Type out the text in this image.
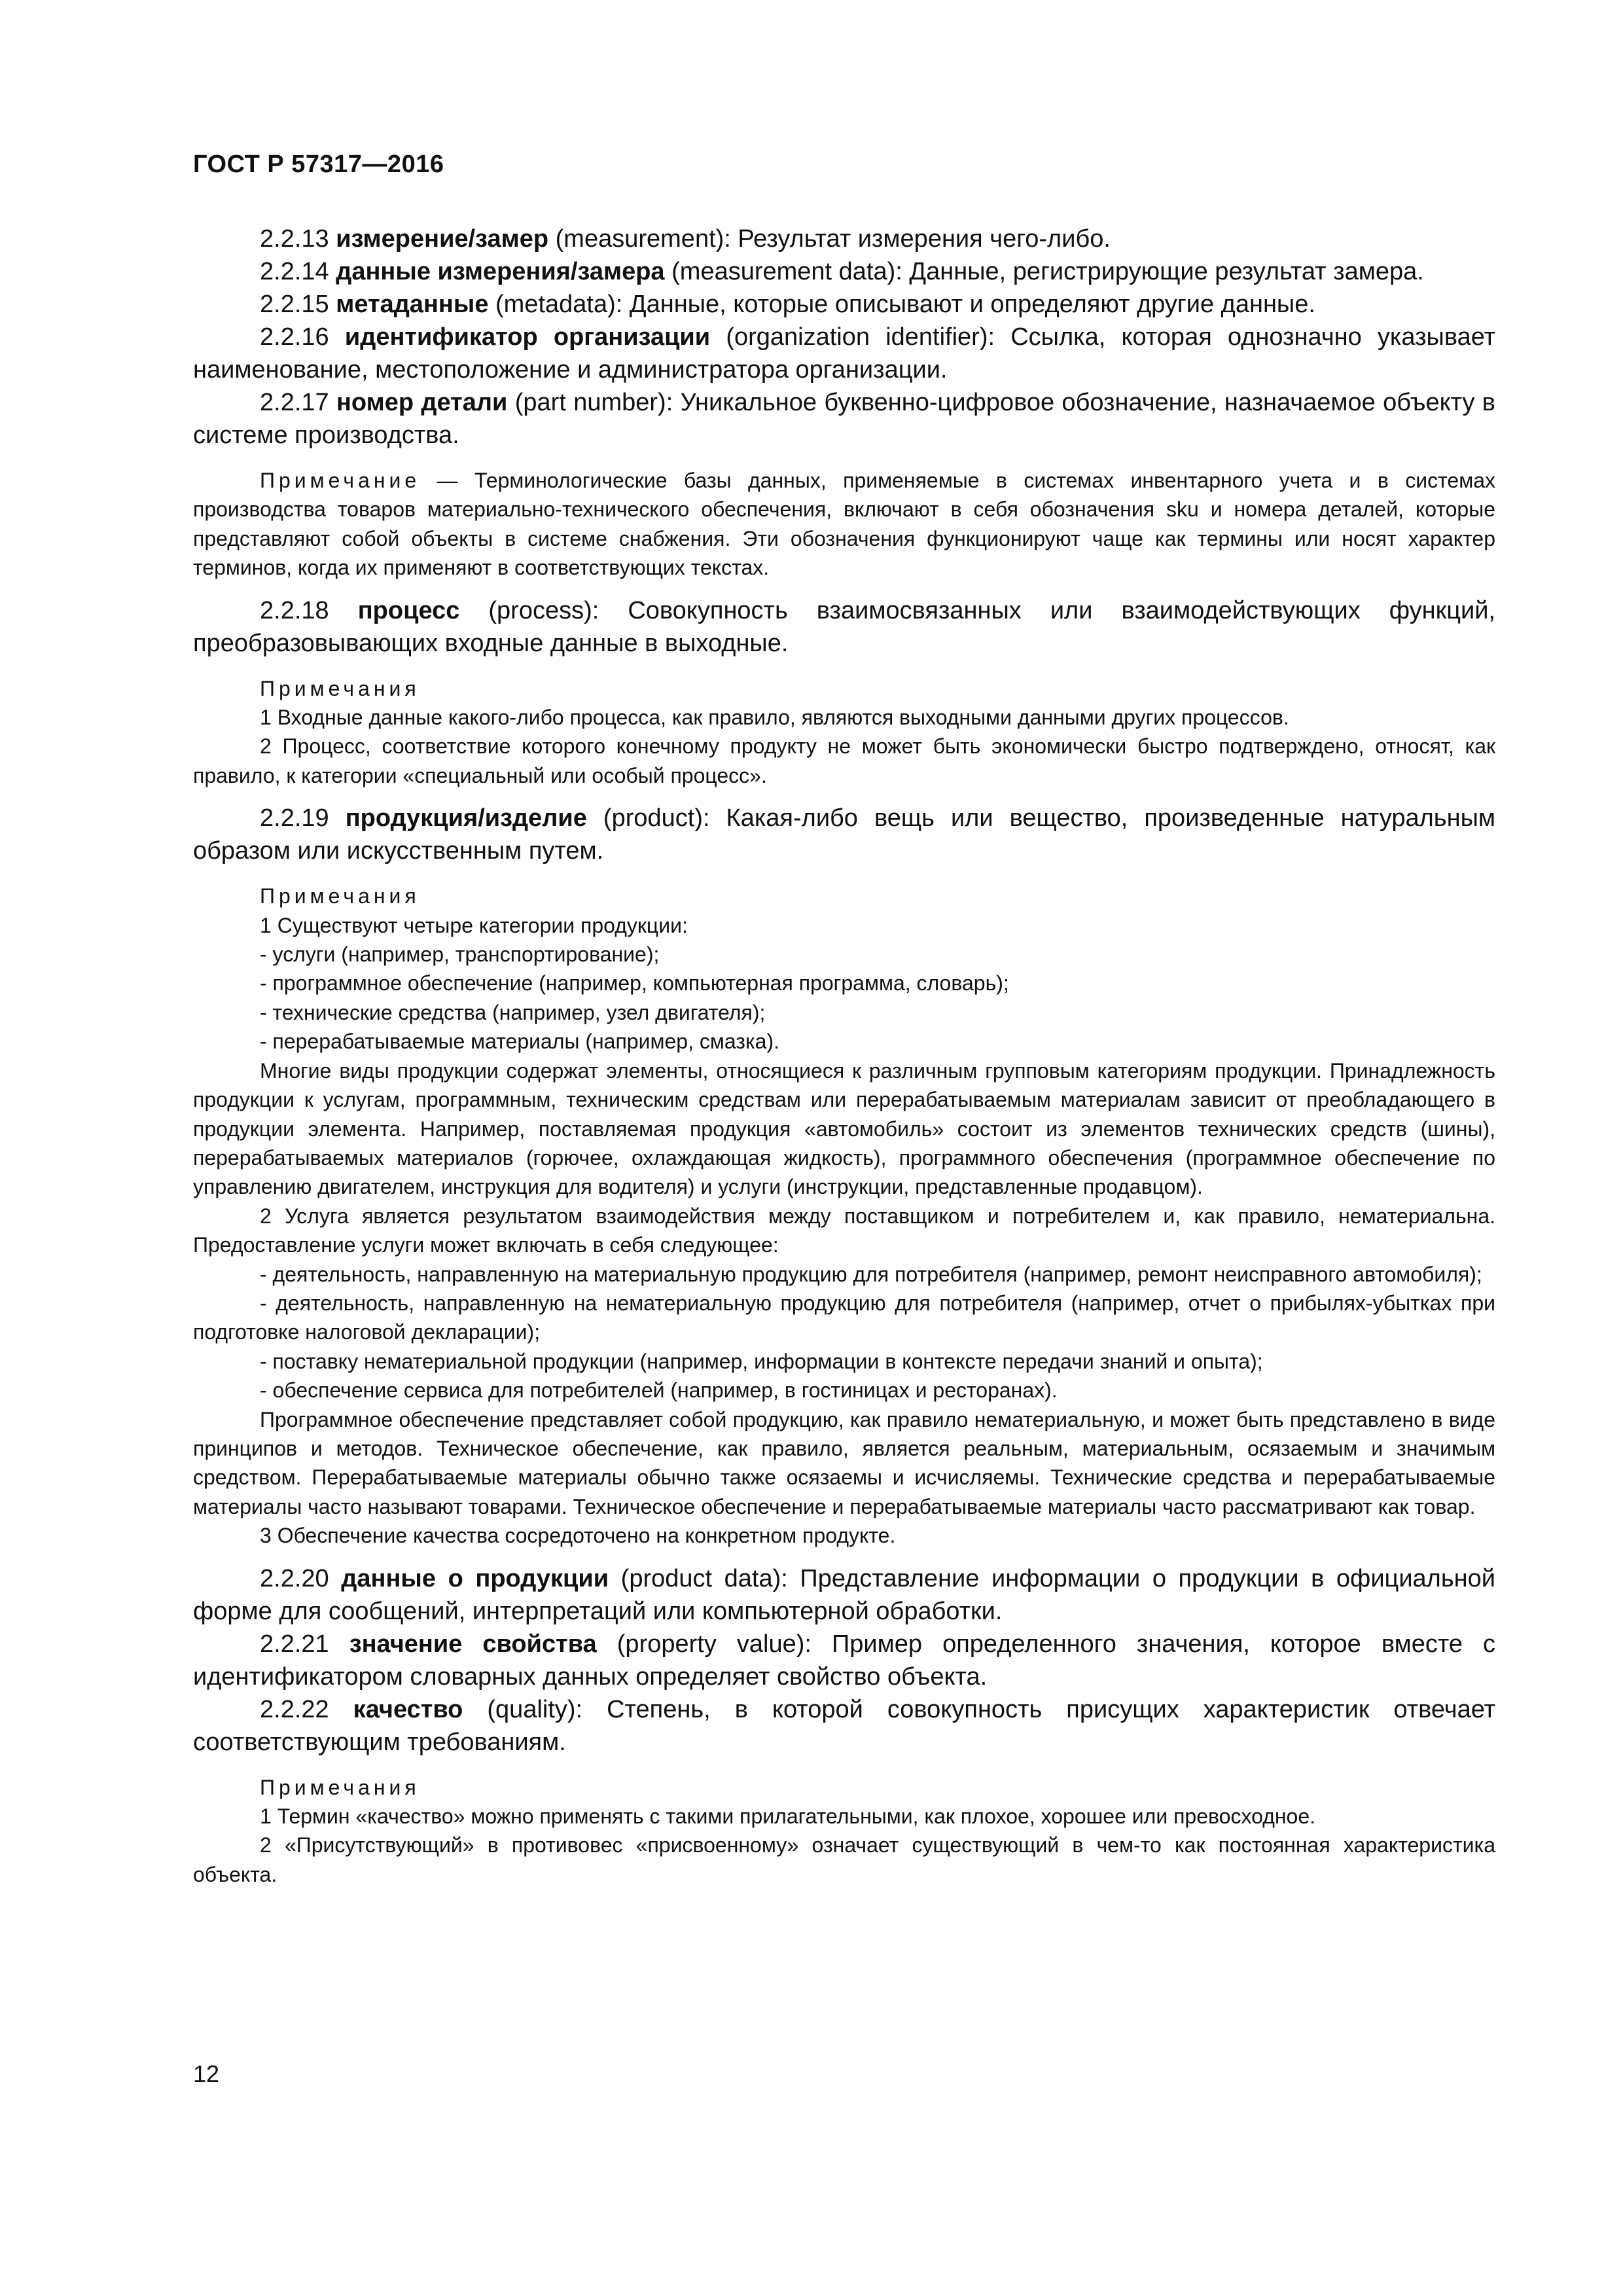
ГОСТ Р 57317—2016

2.2.13 измерение/замер (measurement): Результат измерения чего-либо.

2.2.14 данные измерения/замера (measurement data): Данные, регистрирующие результат замера.

2.2.15 метаданные (metadata): Данные, которые описывают и определяют другие данные.

2.2.16 идентификатор организации (organization identifier): Ссылка, которая однозначно указывает наименование, местоположение и администратора организации.

2.2.17 номер детали (part number): Уникальное буквенно-цифровое обозначение, назначаемое объекту в системе производства.

Примечание — Терминологические базы данных, применяемые в системах инвентарного учета и в системах производства товаров материально-технического обеспечения, включают в себя обозначения sku и номера деталей, которые представляют собой объекты в системе снабжения. Эти обозначения функционируют чаще как термины или носят характер терминов, когда их применяют в соответствующих текстах.

2.2.18 процесс (process): Совокупность взаимосвязанных или взаимодействующих функций, преобразовывающих входные данные в выходные.

Примечания

1 Входные данные какого-либо процесса, как правило, являются выходными данными других процессов.

2 Процесс, соответствие которого конечному продукту не может быть экономически быстро подтверждено, относят, как правило, к категории «специальный или особый процесс».

2.2.19 продукция/изделие (product): Какая-либо вещь или вещество, произведенные натуральным образом или искусственным путем.

Примечания

1 Существуют четыре категории продукции:

- услуги (например, транспортирование);

- программное обеспечение (например, компьютерная программа, словарь);

- технические средства (например, узел двигателя);

- перерабатываемые материалы (например, смазка).

Многие виды продукции содержат элементы, относящиеся к различным групповым категориям продукции. Принадлежность продукции к услугам, программным, техническим средствам или перерабатываемым материалам зависит от преобладающего в продукции элемента. Например, поставляемая продукция «автомобиль» состоит из элементов технических средств (шины), перерабатываемых материалов (горючее, охлаждающая жидкость), программного обеспечения (программное обеспечение по управлению двигателем, инструкция для водителя) и услуги (инструкции, представленные продавцом).

2 Услуга является результатом взаимодействия между поставщиком и потребителем и, как правило, нематериальна. Предоставление услуги может включать в себя следующее:

- деятельность, направленную на материальную продукцию для потребителя (например, ремонт неисправного автомобиля);

- деятельность, направленную на нематериальную продукцию для потребителя (например, отчет о прибылях-убытках при подготовке налоговой декларации);

- поставку нематериальной продукции (например, информации в контексте передачи знаний и опыта);

- обеспечение сервиса для потребителей (например, в гостиницах и ресторанах).

Программное обеспечение представляет собой продукцию, как правило нематериальную, и может быть представлено в виде принципов и методов. Техническое обеспечение, как правило, является реальным, материальным, осязаемым и значимым средством. Перерабатываемые материалы обычно также осязаемы и исчисляемы. Технические средства и перерабатываемые материалы часто называют товарами. Техническое обеспечение и перерабатываемые материалы часто рассматривают как товар.

3 Обеспечение качества сосредоточено на конкретном продукте.

2.2.20 данные о продукции (product data): Представление информации о продукции в официальной форме для сообщений, интерпретаций или компьютерной обработки.

2.2.21 значение свойства (property value): Пример определенного значения, которое вместе с идентификатором словарных данных определяет свойство объекта.

2.2.22 качество (quality): Степень, в которой совокупность присущих характеристик отвечает соответствующим требованиям.

Примечания

1 Термин «качество» можно применять с такими прилагательными, как плохое, хорошее или превосходное.

2 «Присутствующий» в противовес «присвоенному» означает существующий в чем-то как постоянная характеристика объекта.

12
